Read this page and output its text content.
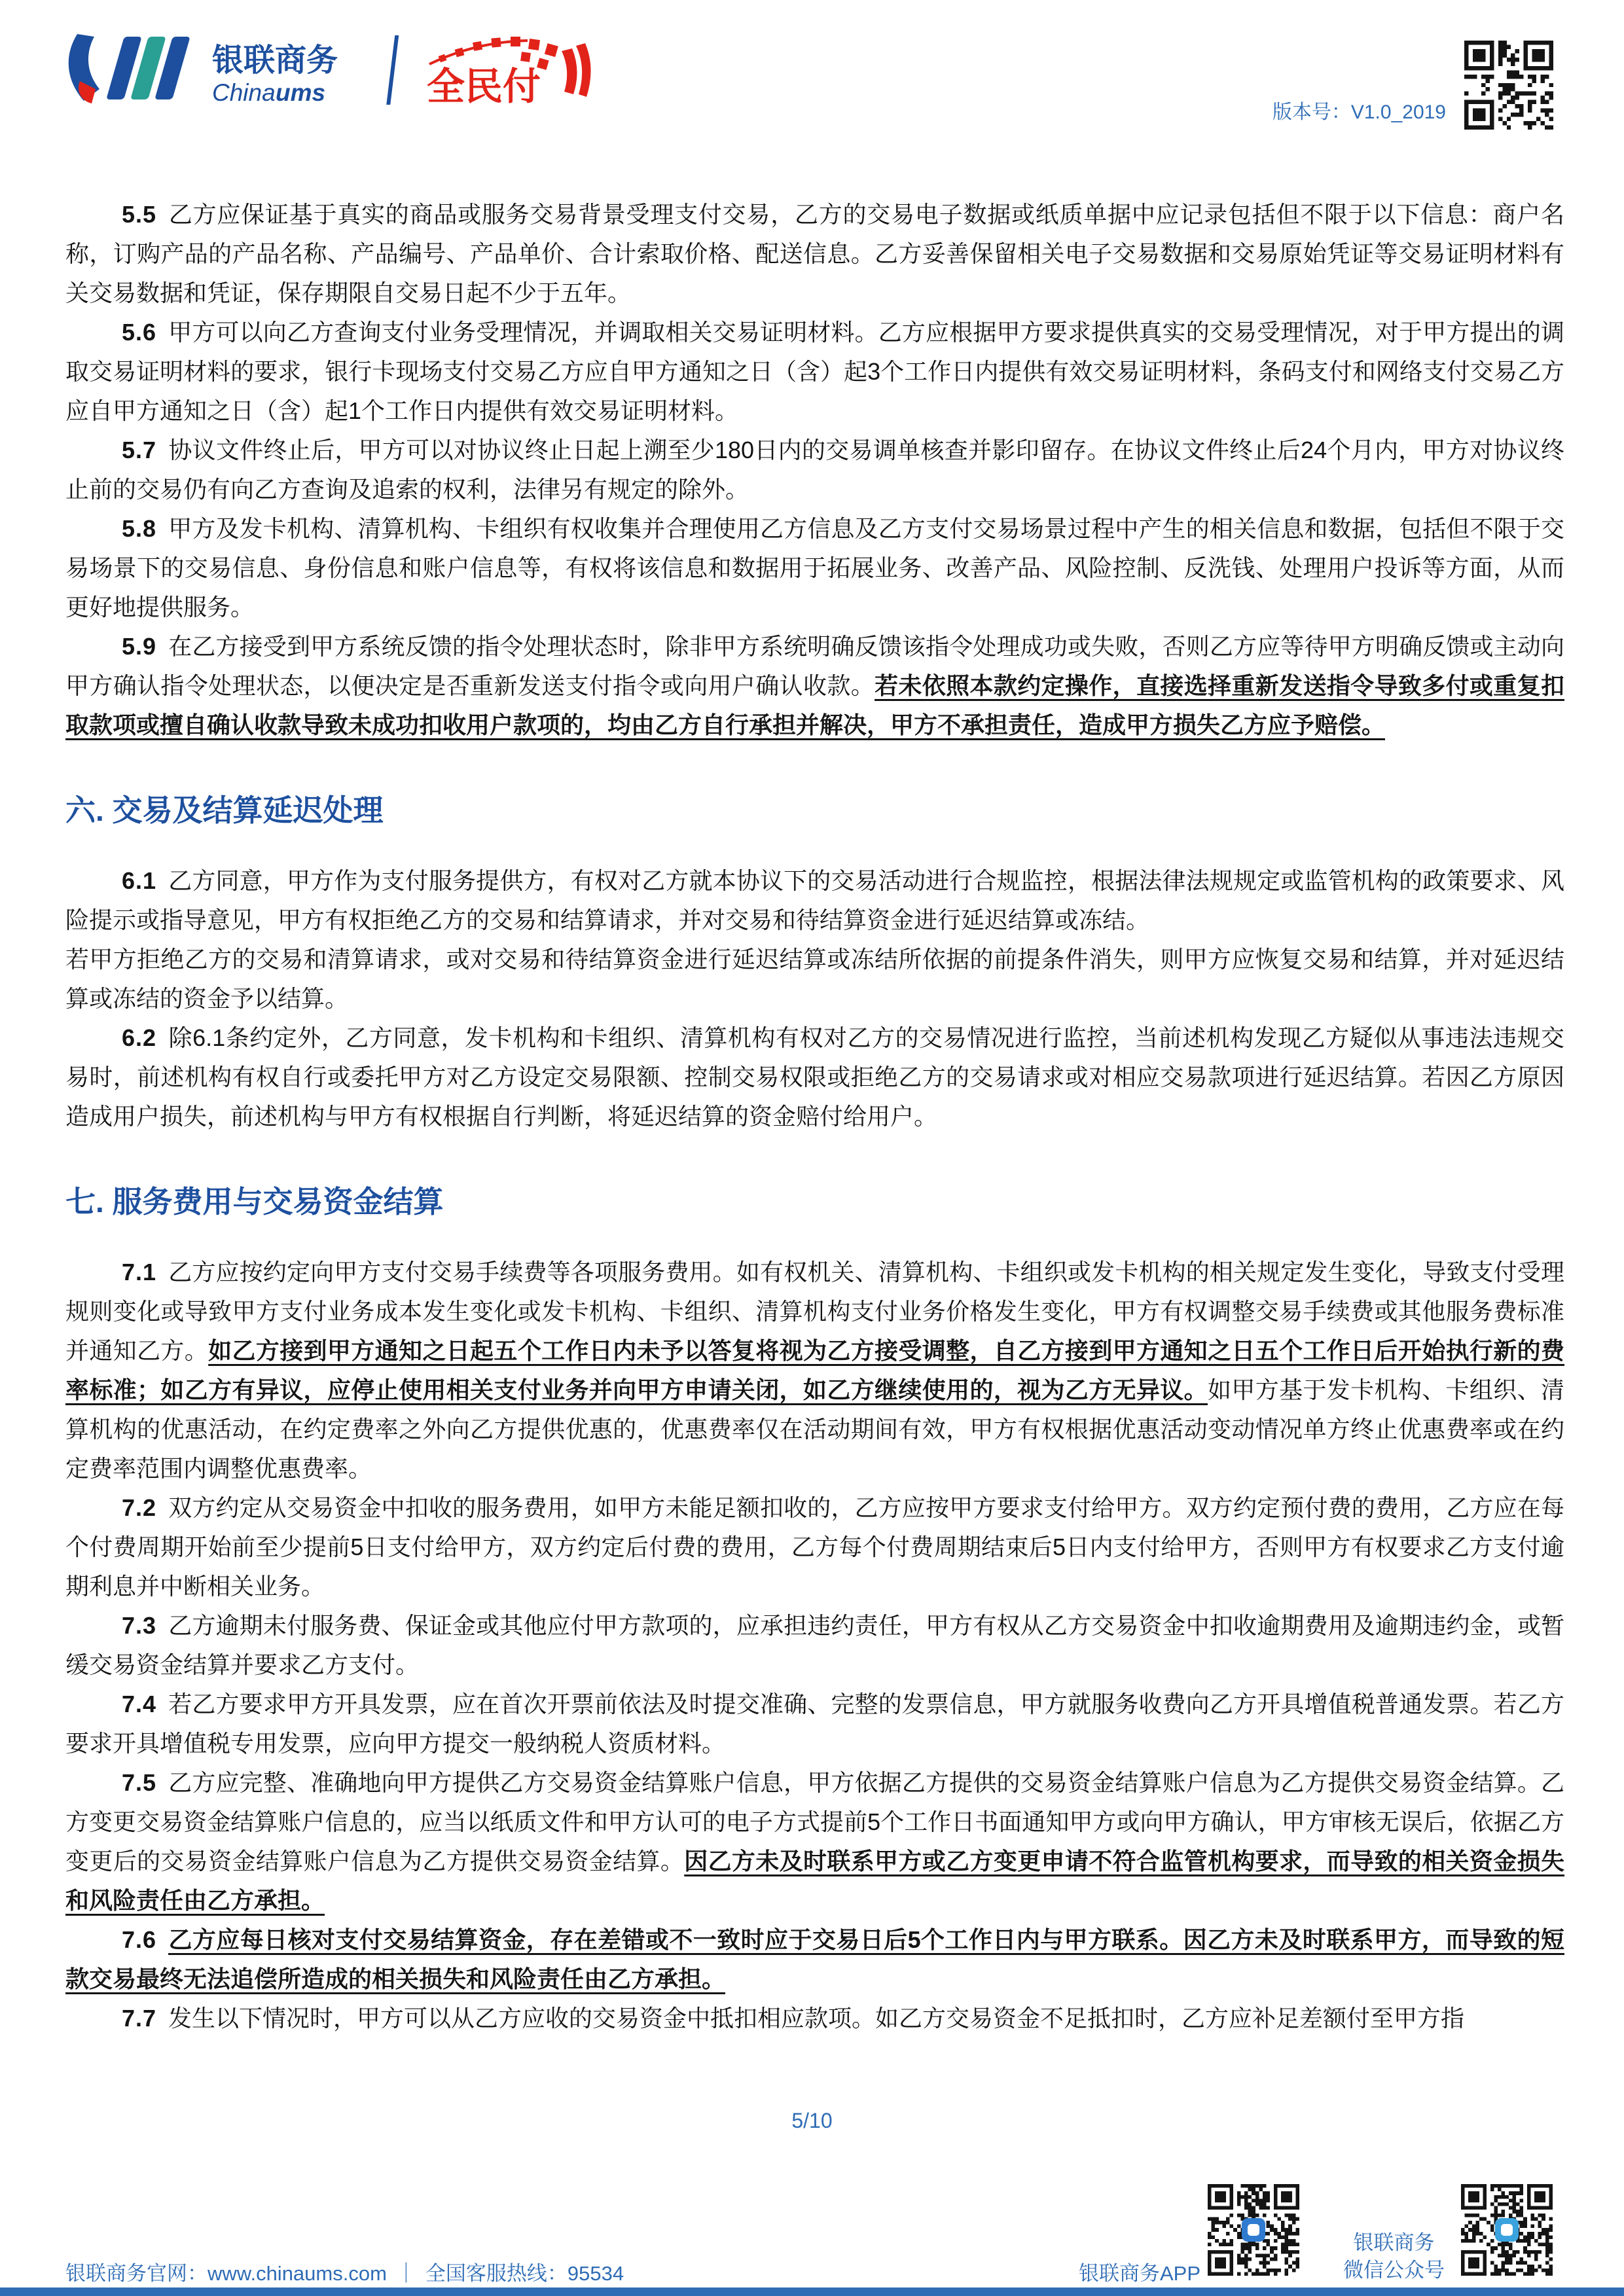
银联商务
China ums	全民付
版本号：V1.0_2019

5.5 乙方应保证基于真实的商品或服务交易背景受理支付交易，乙方的交易电子数据或纸质单据中应记录包括但不限于以下信息：商户名称，订购产品的产品名称、产品编号、产品单价、合计索取价格、配送信息。乙方妥善保留相关电子交易数据和交易原始凭证等交易证明材料有关交易数据和凭证，保存期限自交易日起不少于五年。

5.6 甲方可以向乙方查询支付业务受理情况，并调取相关交易证明材料。乙方应根据甲方要求提供真实的交易受理情况，对于甲方提出的调取交易证明材料的要求，银行卡现场支付交易乙方应自甲方通知之日（含）起3个工作日内提供有效交易证明材料，条码支付和网络支付交易乙方应自甲方通知之日（含）起1个工作日内提供有效交易证明材料。

5.7 协议文件终止后，甲方可以对协议终止日起上溯至少180日内的交易调单核查并影印留存。在协议文件终止后24个月内，甲方对协议终止前的交易仍有向乙方查询及追索的权利，法律另有规定的除外。

5.8 甲方及发卡机构、清算机构、卡组织有权收集并合理使用乙方信息及乙方支付交易场景过程中产生的相关信息和数据，包括但不限于交易场景下的交易信息、身份信息和账户信息等，有权将该信息和数据用于拓展业务、改善产品、风险控制、反洗钱、处理用户投诉等方面，从而更好地提供服务。

5.9 在乙方接受到甲方系统反馈的指令处理状态时，除非甲方系统明确反馈该指令处理成功或失败，否则乙方应等待甲方明确反馈或主动向甲方确认指令处理状态，以便决定是否重新发送支付指令或向用户确认收款。若未依照本款约定操作，直接选择重新发送指令导致多付或重复扣取款项或擅自确认收款导致未成功扣收用户款项的，均由乙方自行承担并解决，甲方不承担责任，造成甲方损失乙方应予赔偿。

六. 交易及结算延迟处理

6.1 乙方同意，甲方作为支付服务提供方，有权对乙方就本协议下的交易活动进行合规监控，根据法律法规规定或监管机构的政策要求、风险提示或指导意见，甲方有权拒绝乙方的交易和结算请求，并对交易和待结算资金进行延迟结算或冻结。

若甲方拒绝乙方的交易和清算请求，或对交易和待结算资金进行延迟结算或冻结所依据的前提条件消失，则甲方应恢复交易和结算，并对延迟结算或冻结的资金予以结算。

6.2 除6.1条约定外，乙方同意，发卡机构和卡组织、清算机构有权对乙方的交易情况进行监控，当前述机构发现乙方疑似从事违法违规交易时，前述机构有权自行或委托甲方对乙方设定交易限额、控制交易权限或拒绝乙方的交易请求或对相应交易款项进行延迟结算。若因乙方原因造成用户损失，前述机构与甲方有权根据自行判断，将延迟结算的资金赔付给用户。

七. 服务费用与交易资金结算

7.1 乙方应按约定向甲方支付交易手续费等各项服务费用。如有权机关、清算机构、卡组织或发卡机构的相关规定发生变化，导致支付受理规则变化或导致甲方支付业务成本发生变化或发卡机构、卡组织、清算机构支付业务价格发生变化，甲方有权调整交易手续费或其他服务费标准并通知乙方。如乙方接到甲方通知之日起五个工作日内未予以答复将视为乙方接受调整，自乙方接到甲方通知之日五个工作日后开始执行新的费率标准；如乙方有异议，应停止使用相关支付业务并向甲方申请关闭，如乙方继续使用的，视为乙方无异议。如甲方基于发卡机构、卡组织、清算机构的优惠活动，在约定费率之外向乙方提供优惠的，优惠费率仅在活动期间有效，甲方有权根据优惠活动变动情况单方终止优惠费率或在约定费率范围内调整优惠费率。

7.2 双方约定从交易资金中扣收的服务费用，如甲方未能足额扣收的，乙方应按甲方要求支付给甲方。双方约定预付费的费用，乙方应在每个付费周期开始前至少提前5日支付给甲方，双方约定后付费的费用，乙方每个付费周期结束后5日内支付给甲方，否则甲方有权要求乙方支付逾期利息并中断相关业务。

7.3 乙方逾期未付服务费、保证金或其他应付甲方款项的，应承担违约责任，甲方有权从乙方交易资金中扣收逾期费用及逾期违约金，或暂缓交易资金结算并要求乙方支付。

7.4 若乙方要求甲方开具发票，应在首次开票前依法及时提交准确、完整的发票信息，甲方就服务收费向乙方开具增值税普通发票。若乙方要求开具增值税专用发票，应向甲方提交一般纳税人资质材料。

7.5 乙方应完整、准确地向甲方提供乙方交易资金结算账户信息，甲方依据乙方提供的交易资金结算账户信息为乙方提供交易资金结算。乙方变更交易资金结算账户信息的，应当以纸质文件和甲方认可的电子方式提前5个工作日书面通知甲方或向甲方确认，甲方审核无误后，依据乙方变更后的交易资金结算账户信息为乙方提供交易资金结算。因乙方未及时联系甲方或乙方变更申请不符合监管机构要求，而导致的相关资金损失和风险责任由乙方承担。

7.6 乙方应每日核对支付交易结算资金，存在差错或不一致时应于交易日后5个工作日内与甲方联系。因乙方未及时联系甲方，而导致的短款交易最终无法追偿所造成的相关损失和风险责任由乙方承担。

7.7 发生以下情况时，甲方可以从乙方应收的交易资金中抵扣相应款项。如乙方交易资金不足抵扣时，乙方应补足差额付至甲方指

5/10
银联商务官网：www.chinaums.com ｜ 全国客服热线：95534	银联商务APP
银联商务
微信公众号
